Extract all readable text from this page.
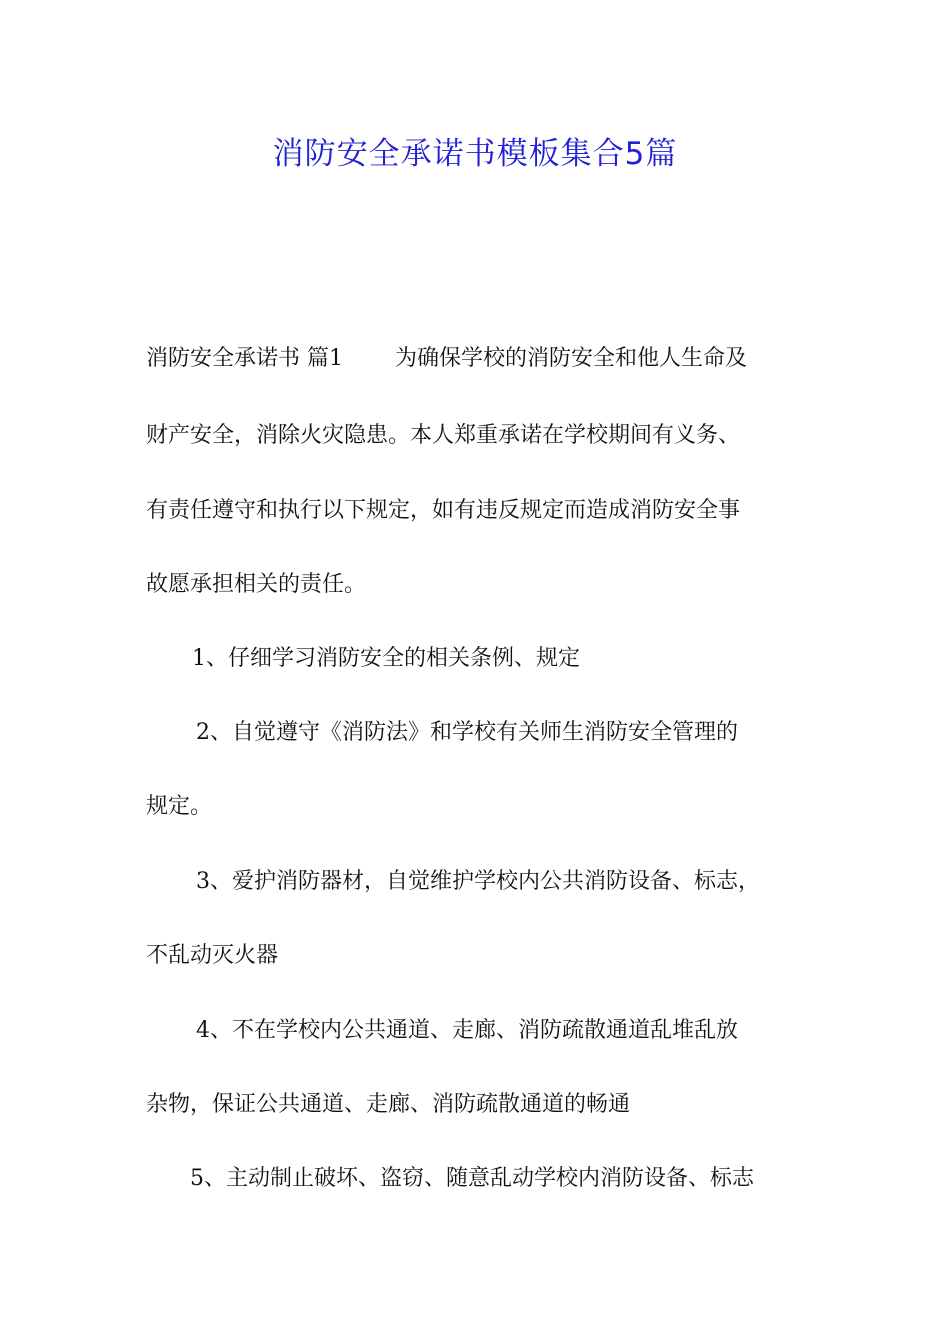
消防安全承诺书模板集合5篇
消防安全承诺书 篇1 为确保学校的消防安全和他人生命及
财产安全，消除火灾隐患。本人郑重承诺在学校期间有义务、
有责任遵守和执行以下规定，如有违反规定而造成消防安全事
故愿承担相关的责任。
1、仔细学习消防安全的相关条例、规定
2、自觉遵守《消防法》和学校有关师生消防安全管理的
规定。
3、爱护消防器材，自觉维护学校内公共消防设备、标志，
不乱动灭火器
4、不在学校内公共通道、走廊、消防疏散通道乱堆乱放
杂物，保证公共通道、走廊、消防疏散通道的畅通
5、主动制止破坏、盗窃、随意乱动学校内消防设备、标志
